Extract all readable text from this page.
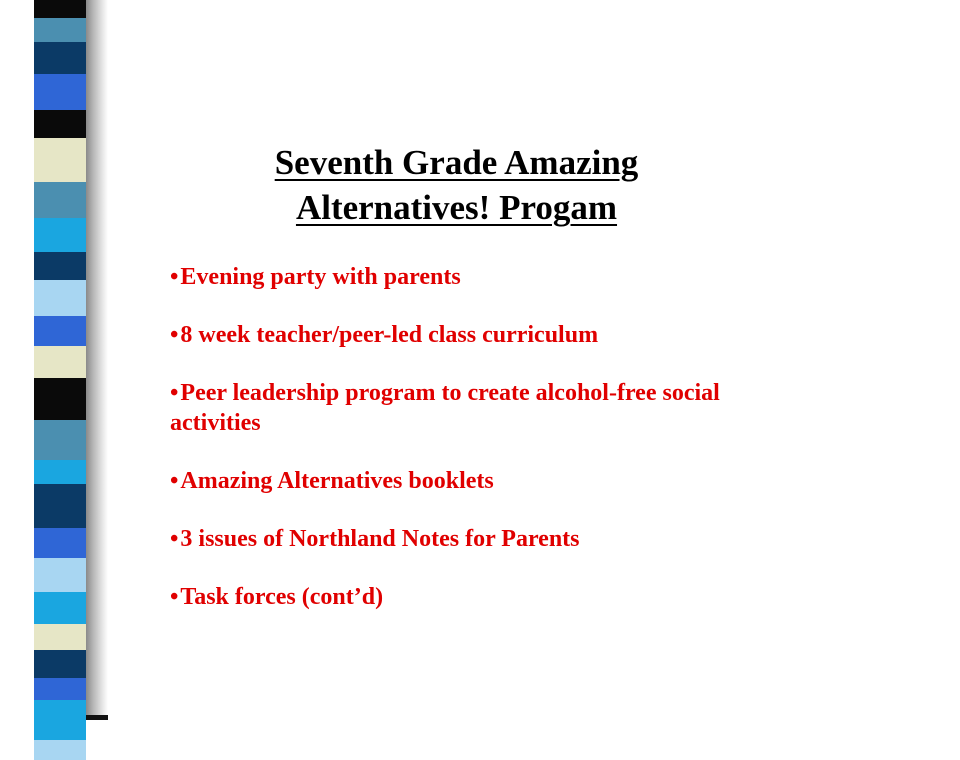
Seventh Grade Amazing
Alternatives! Progam
•Evening party with parents
•8 week teacher/peer-led class curriculum
•Peer leadership program to create alcohol-free social activities
•Amazing Alternatives booklets
•3 issues of Northland Notes for Parents
•Task forces (cont’d)
